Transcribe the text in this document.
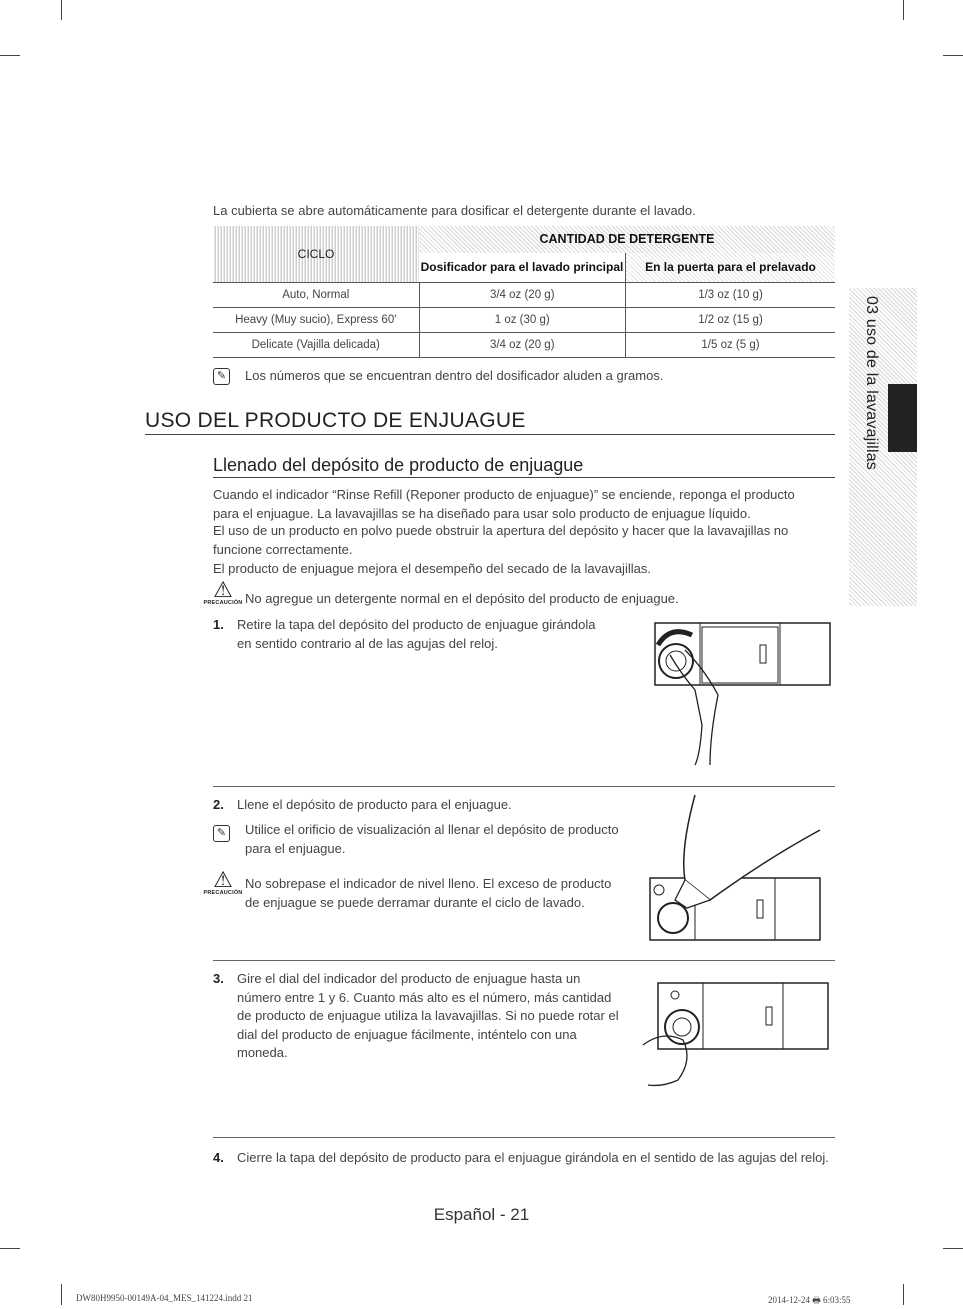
La cubierta se abre automáticamente para dosificar el detergente durante el lavado.
CICLO	CANTIDAD DE DETERGENTE	
	Dosificador para el lavado principal	En la puerta para el prelavado
Auto, Normal	3/4 oz (20 g)	1/3 oz (10 g)
Heavy (Muy sucio), Express 60'	1 oz (30 g)	1/2 oz (15 g)
Delicate (Vajilla delicada)	3/4 oz (20 g)	1/5 oz (5 g)
✎ Los números que se encuentran dentro del dosificador aluden a gramos.
USO DEL PRODUCTO DE ENJUAGUE
Llenado del depósito de producto de enjuague
Cuando el indicador “Rinse Refill (Reponer producto de enjuague)” se enciende, reponga el producto para el enjuague. La lavavajillas se ha diseñado para usar solo producto de enjuague líquido.
El uso de un producto en polvo puede obstruir la apertura del depósito y hacer que la lavavajillas no funcione correctamente.
El producto de enjuague mejora el desempeño del secado de la lavavajillas.
⚠
PRECAUCIÓN No agregue un detergente normal en el depósito del producto de enjuague.
1. Retire la tapa del depósito del producto de enjuague girándola en sentido contrario al de las agujas del reloj.
2. Llene el depósito de producto para el enjuague.
✎ Utilice el orificio de visualización al llenar el depósito de producto para el enjuague.
⚠
PRECAUCIÓN
No sobrepase el indicador de nivel lleno. El exceso de producto de enjuague se puede derramar durante el ciclo de lavado.
3. Gire el dial del indicador del producto de enjuague hasta un número entre 1 y 6. Cuanto más alto es el número, más cantidad de producto de enjuague utiliza la lavavajillas. Si no puede rotar el dial del producto de enjuague fácilmente, inténtelo con una moneda.
4. Cierre la tapa del depósito de producto para el enjuague girándola en el sentido de las agujas del reloj.
03 uso de la lavavajillas
Español - 21
DW80H9950-00149A-04_MES_141224.indd 21	2014-12-24 🖶 6:03:55
